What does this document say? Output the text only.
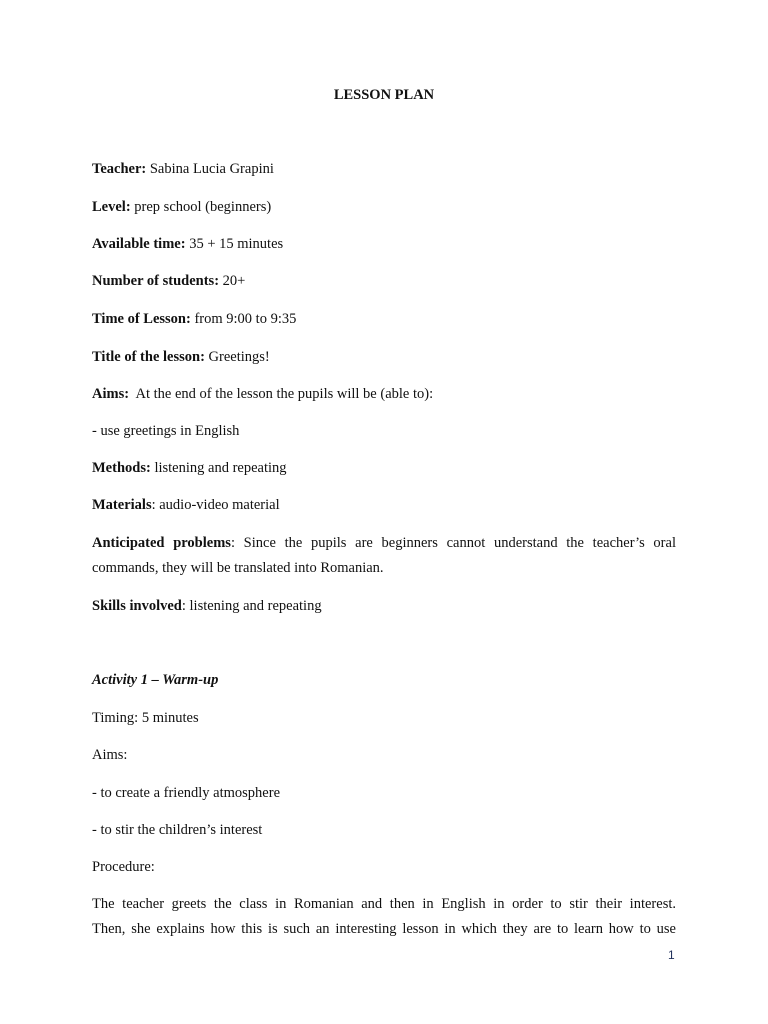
LESSON PLAN
Teacher: Sabina Lucia Grapini
Level: prep school (beginners)
Available time: 35 + 15 minutes
Number of students: 20+
Time of Lesson: from 9:00 to 9:35
Title of the lesson: Greetings!
Aims:  At the end of the lesson the pupils will be (able to):
- use greetings in English
Methods: listening and repeating
Materials: audio-video material
Anticipated problems: Since the pupils are beginners cannot understand the teacher’s oral
commands, they will be translated into Romanian.
Skills involved: listening and repeating
Activity 1 – Warm-up
Timing: 5 minutes
Aims:
- to create a friendly atmosphere
- to stir the children’s interest
Procedure:
The teacher greets the class in Romanian and then in English in order to stir their interest.
Then, she explains how this is such an interesting lesson in which they are to learn how to use
1
